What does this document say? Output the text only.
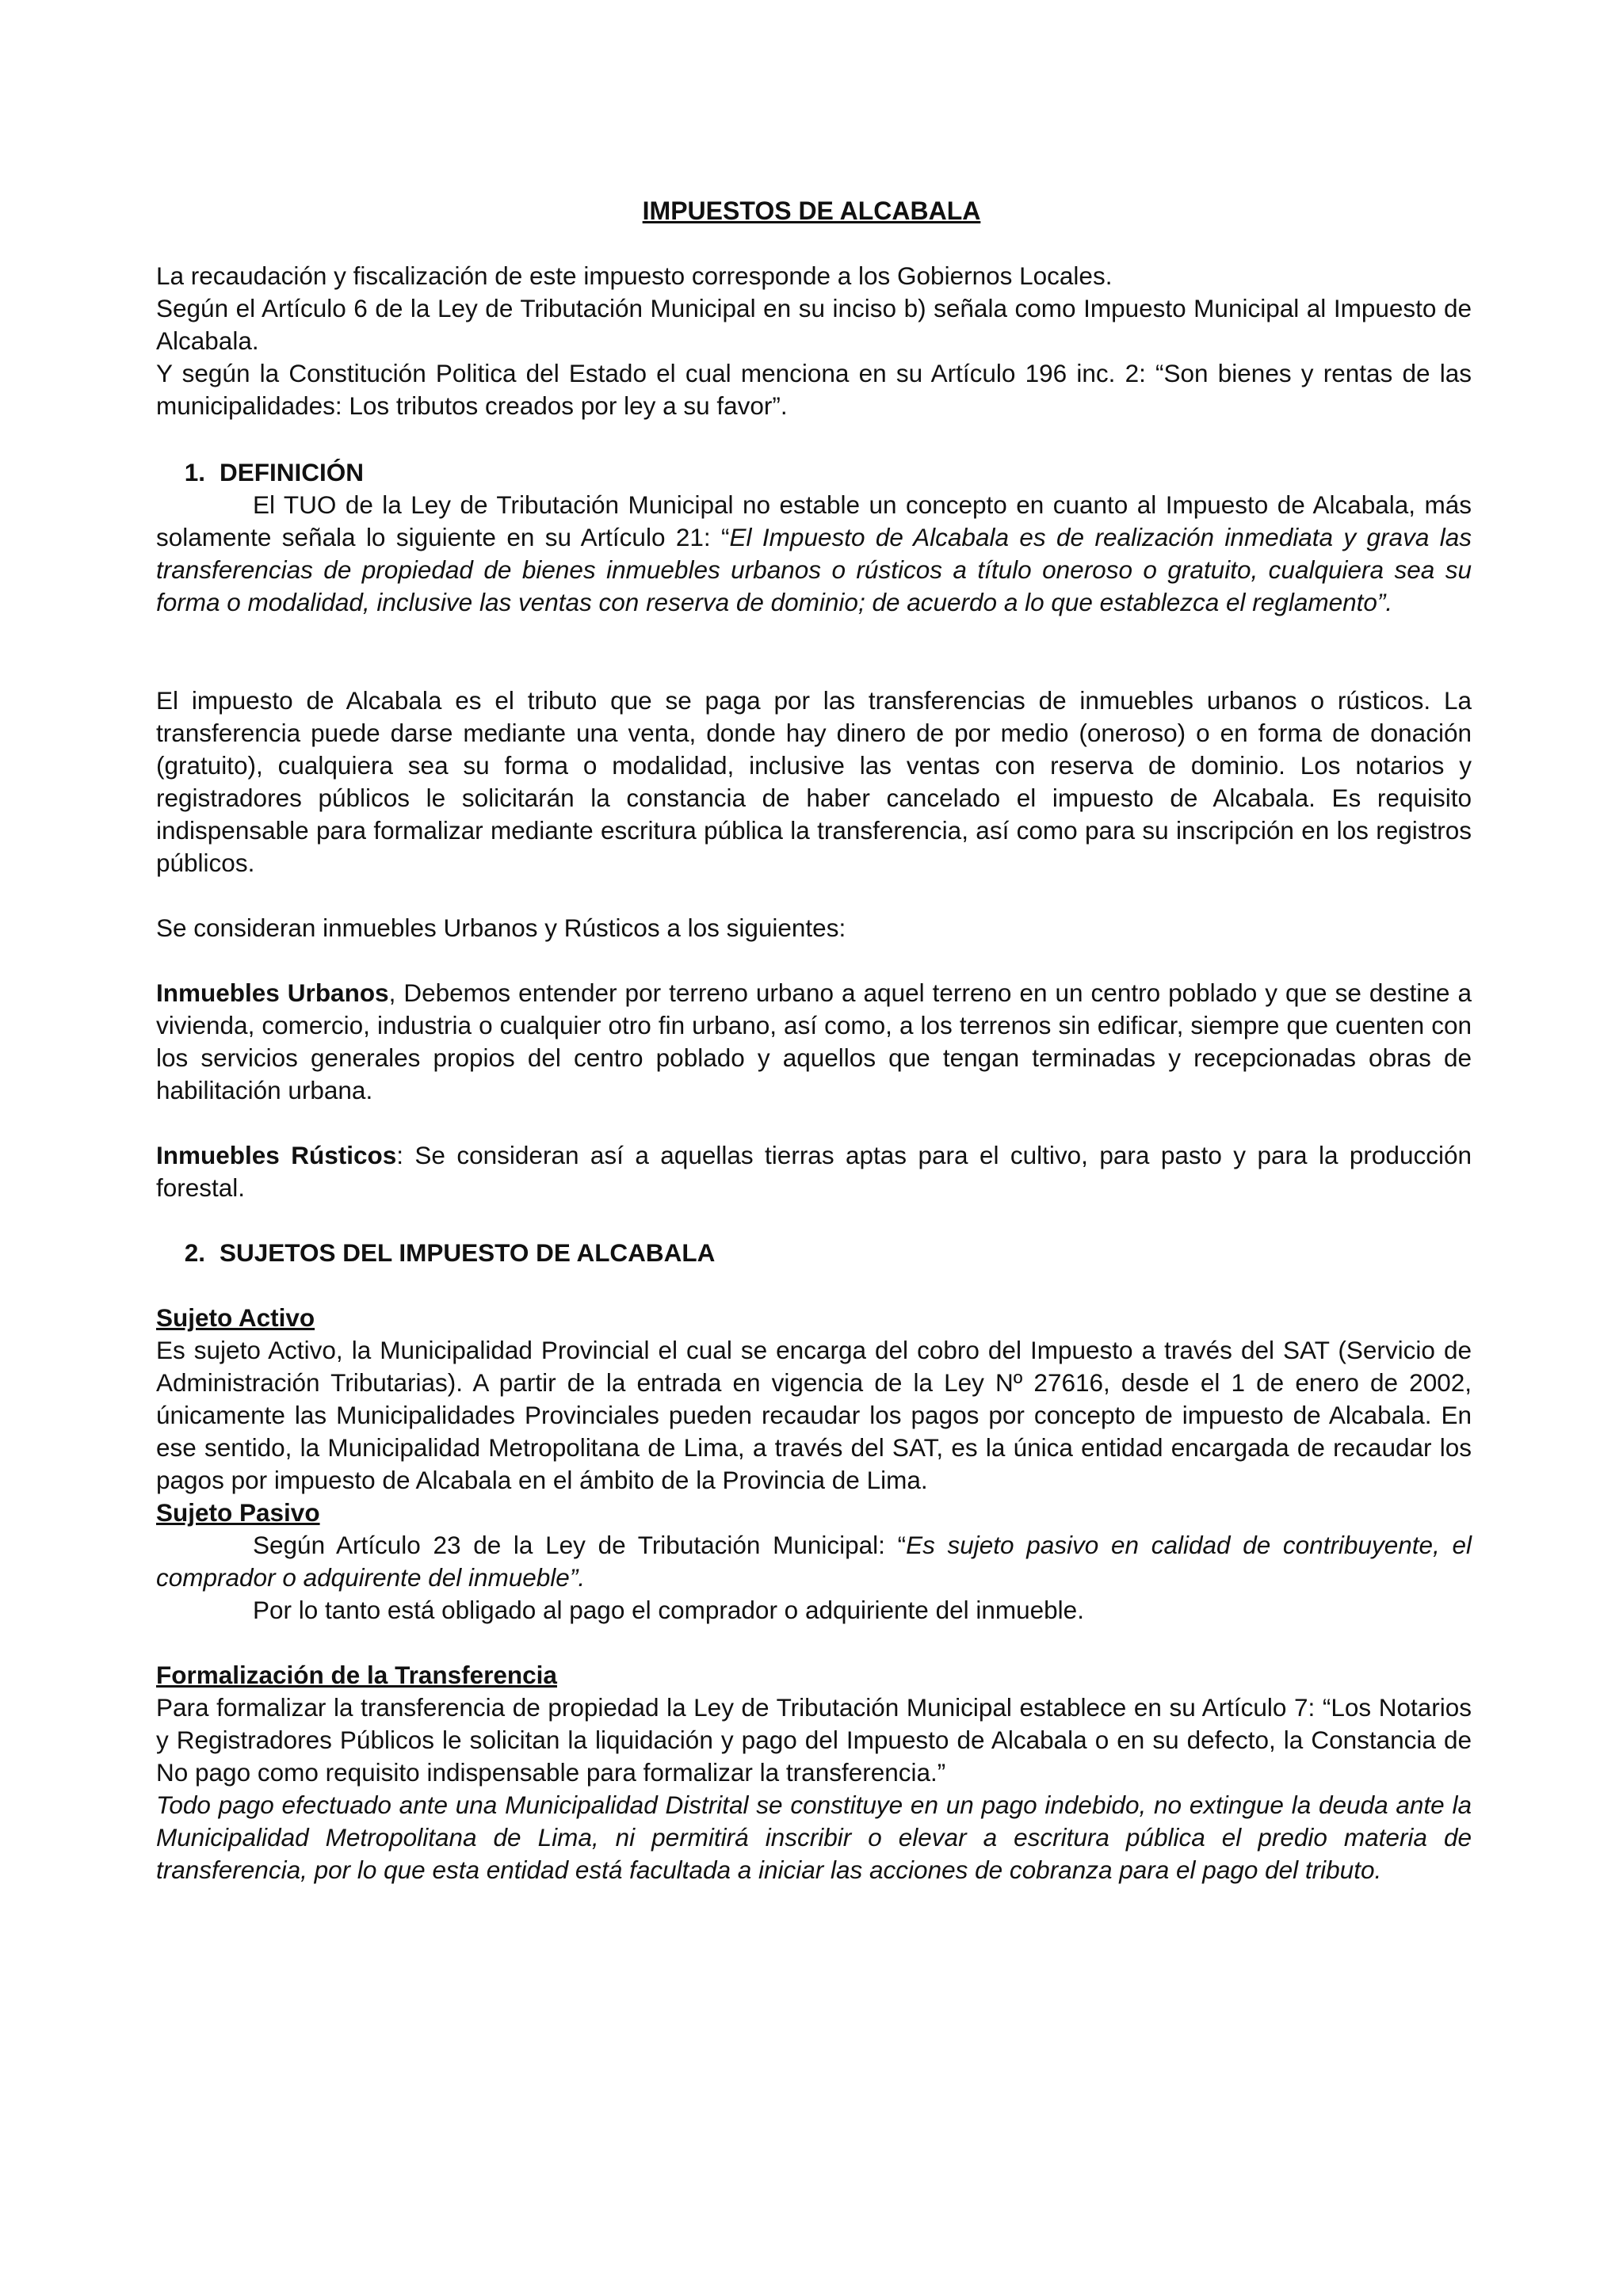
IMPUESTOS DE ALCABALA
La recaudación y fiscalización de este impuesto corresponde a los Gobiernos Locales.
Según el Artículo 6 de la Ley de Tributación Municipal en su inciso b) señala como Impuesto Municipal al Impuesto de Alcabala.
Y según la Constitución Politica del Estado el cual menciona en su Artículo 196 inc. 2: “Son bienes y rentas de las municipalidades: Los tributos creados por ley a su favor”.
1. DEFINICIÓN
El TUO de la Ley de Tributación Municipal no estable un concepto en cuanto al Impuesto de Alcabala, más solamente señala lo siguiente en su Artículo 21: “El Impuesto de Alcabala es de realización inmediata y grava las transferencias de propiedad de bienes inmuebles urbanos o rústicos a título oneroso o gratuito, cualquiera sea su forma o modalidad, inclusive las ventas con reserva de dominio; de acuerdo a lo que establezca el reglamento”.
El impuesto de Alcabala es el tributo que se paga por las transferencias de inmuebles urbanos o rústicos. La transferencia puede darse mediante una venta, donde hay dinero de por medio (oneroso) o en forma de donación (gratuito), cualquiera sea su forma o modalidad, inclusive las ventas con reserva de dominio. Los notarios y registradores públicos le solicitarán la constancia de haber cancelado el impuesto de Alcabala. Es requisito indispensable para formalizar mediante escritura pública la transferencia, así como para su inscripción en los registros públicos.
Se consideran inmuebles Urbanos y Rústicos a los siguientes:
Inmuebles Urbanos, Debemos entender por terreno urbano a aquel terreno en un centro poblado y que se destine a vivienda, comercio, industria o cualquier otro fin urbano, así como, a los terrenos sin edificar, siempre que cuenten con los servicios generales propios del centro poblado y aquellos que tengan terminadas y recepcionadas obras de habilitación urbana.
Inmuebles Rústicos: Se consideran así a aquellas tierras aptas para el cultivo, para pasto y para la producción forestal.
2. SUJETOS DEL IMPUESTO DE ALCABALA
Sujeto Activo
Es sujeto Activo, la Municipalidad Provincial el cual se encarga del cobro del Impuesto a través del SAT (Servicio de Administración Tributarias). A partir de la entrada en vigencia de la Ley Nº 27616, desde el 1 de enero de 2002, únicamente las Municipalidades Provinciales pueden recaudar los pagos por concepto de impuesto de Alcabala. En ese sentido, la Municipalidad Metropolitana de Lima, a través del SAT, es la única entidad encargada de recaudar los pagos por impuesto de Alcabala en el ámbito de la Provincia de Lima.
Sujeto Pasivo
Según Artículo 23 de la Ley de Tributación Municipal: “Es sujeto pasivo en calidad de contribuyente, el comprador o adquirente del inmueble”.
Por lo tanto está obligado al pago el comprador o adquiriente del inmueble.
Formalización de la Transferencia
Para formalizar la transferencia de propiedad la Ley de Tributación Municipal establece en su Artículo 7: “Los Notarios y Registradores Públicos le solicitan la liquidación y pago del Impuesto de Alcabala o en su defecto, la Constancia de No pago como requisito indispensable para formalizar la transferencia.”
Todo pago efectuado ante una Municipalidad Distrital se constituye en un pago indebido, no extingue la deuda ante la Municipalidad Metropolitana de Lima, ni permitirá inscribir o elevar a escritura pública el predio materia de transferencia, por lo que esta entidad está facultada a iniciar las acciones de cobranza para el pago del tributo.
